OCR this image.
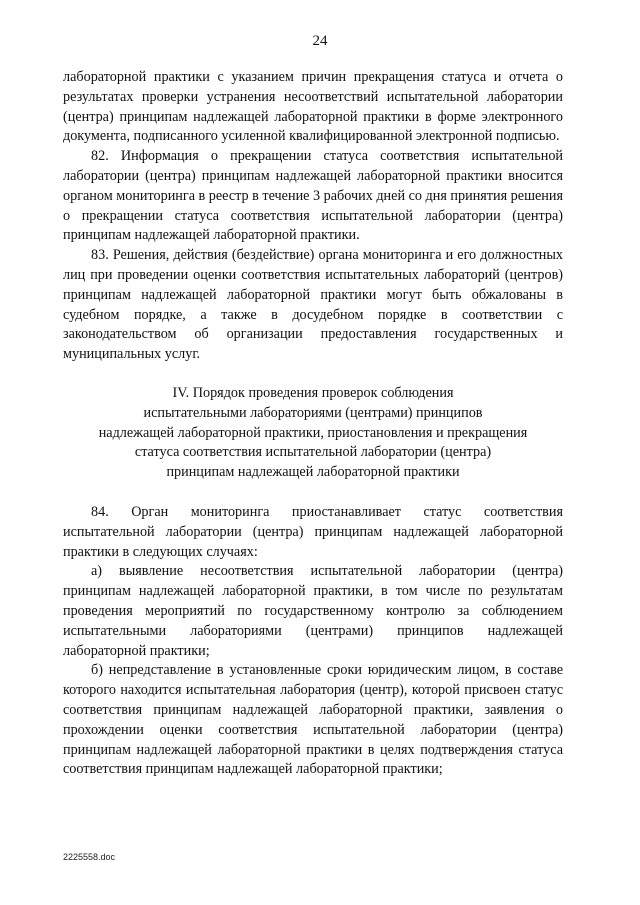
24

лабораторной практики с указанием причин прекращения статуса и отчета о результатах проверки устранения несоответствий испытательной лаборатории (центра) принципам надлежащей лабораторной практики в форме электронного документа, подписанного усиленной квалифицированной электронной подписью.

82. Информация о прекращении статуса соответствия испытательной лаборатории (центра) принципам надлежащей лабораторной практики вносится органом мониторинга в реестр в течение 3 рабочих дней со дня принятия решения о прекращении статуса соответствия испытательной лаборатории (центра) принципам надлежащей лабораторной практики.

83. Решения, действия (бездействие) органа мониторинга и его должностных лиц при проведении оценки соответствия испытательных лабораторий (центров) принципам надлежащей лабораторной практики могут быть обжалованы в судебном порядке, а также в досудебном порядке в соответствии с законодательством об организации предоставления государственных и муниципальных услуг.

IV. Порядок проведения проверок соблюдения
испытательными лабораториями (центрами) принципов
надлежащей лабораторной практики, приостановления и прекращения
статуса соответствия испытательной лаборатории (центра)
принципам надлежащей лабораторной практики

84. Орган мониторинга приостанавливает статус соответствия испытательной лаборатории (центра) принципам надлежащей лабораторной практики в следующих случаях:

а) выявление несоответствия испытательной лаборатории (центра) принципам надлежащей лабораторной практики, в том числе по результатам проведения мероприятий по государственному контролю за соблюдением испытательными лабораториями (центрами) принципов надлежащей лабораторной практики;

б) непредставление в установленные сроки юридическим лицом, в составе которого находится испытательная лаборатория (центр), которой присвоен статус соответствия принципам надлежащей лабораторной практики, заявления о прохождении оценки соответствия испытательной лаборатории (центра) принципам надлежащей лабораторной практики в целях подтверждения статуса соответствия принципам надлежащей лабораторной практики;

2225558.doc
